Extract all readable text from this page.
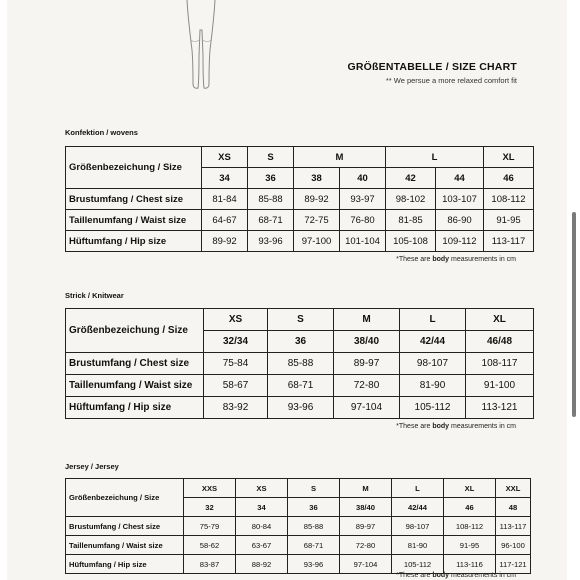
GRÖßENTABELLE / SIZE CHART
** We persue a more relaxed comfort fit
Konfektion / wovens
Größenbezeichung / Size	XS	S	M		L		XL
	34	36	38	40	42	44	46
Brustumfang / Chest size	81-84	85-88	89-92	93-97	98-102	103-107	108-112
Taillenumfang / Waist size	64-67	68-71	72-75	76-80	81-85	86-90	91-95
Hüftumfang / Hip size	89-92	93-96	97-100	101-104	105-108	109-112	113-117
*These are body measurements in cm
Strick / Knitwear
Größenbezeichung / Size	XS	S	M	L	XL
	32/34	36	38/40	42/44	46/48
Brustumfang / Chest size	75-84	85-88	89-97	98-107	108-117
Taillenumfang / Waist size	58-67	68-71	72-80	81-90	91-100
Hüftumfang / Hip size	83-92	93-96	97-104	105-112	113-121
*These are body measurements in cm
Jersey / Jersey
Größenbezeichung / Size	XXS	XS	S	M	L	XL	XXL
	32	34	36	38/40	42/44	46	48
Brustumfang / Chest size	75-79	80-84	85-88	89-97	98-107	108-112	113-117
Taillenumfang / Waist size	58-62	63-67	68-71	72-80	81-90	91-95	96-100
Hüftumfang / Hip size	83-87	88-92	93-96	97-104	105-112	113-116	117-121
*These are body measurements in cm
